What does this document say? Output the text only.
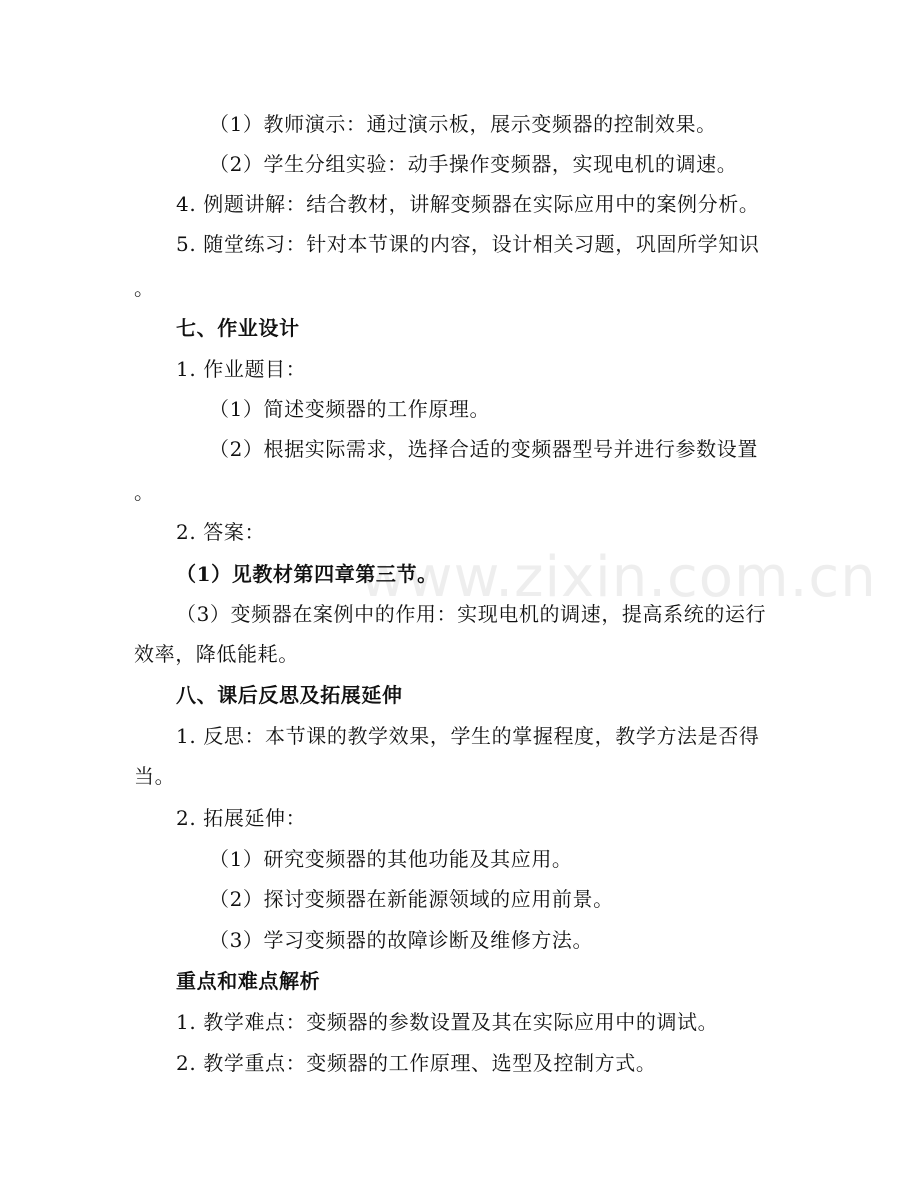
www.zixin.com.cn
（1）教师演示：通过演示板，展示变频器的控制效果。
（2）学生分组实验：动手操作变频器，实现电机的调速。
4. 例题讲解：结合教材，讲解变频器在实际应用中的案例分析。
5. 随堂练习：针对本节课的内容，设计相关习题，巩固所学知识
。
七、作业设计
1. 作业题目：
（1）简述变频器的工作原理。
（2）根据实际需求，选择合适的变频器型号并进行参数设置
。
2. 答案：
（1）见教材第四章第三节。
（3）变频器在案例中的作用：实现电机的调速，提高系统的运行
效率，降低能耗。
八、课后反思及拓展延伸
1. 反思：本节课的教学效果，学生的掌握程度，教学方法是否得
当。
2. 拓展延伸：
（1）研究变频器的其他功能及其应用。
（2）探讨变频器在新能源领域的应用前景。
（3）学习变频器的故障诊断及维修方法。
重点和难点解析
1. 教学难点：变频器的参数设置及其在实际应用中的调试。
2. 教学重点：变频器的工作原理、选型及控制方式。
